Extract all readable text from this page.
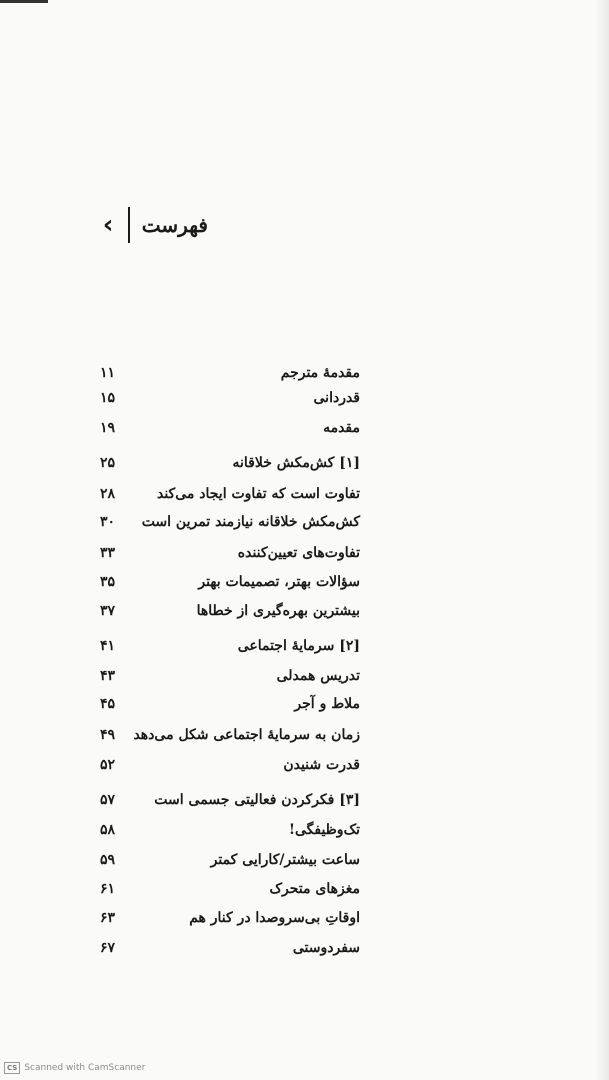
‹ فهرست
۱۱	مقدمهٔ مترجم
۱۵	قدردانی
۱۹	مقدمه
۲۵	[۱] کش‌مکش خلاقانه
۲۸	تفاوت است که تفاوت ایجاد می‌کند
۳۰	کش‌مکش خلاقانه نیازمند تمرین است
۳۳	تفاوت‌های تعیین‌کننده
۳۵	سؤالات بهتر، تصمیمات بهتر
۳۷	بیشترین بهره‌گیری از خطاها
۴۱	[۲] سرمایهٔ اجتماعی
۴۳	تدریس همدلی
۴۵	ملاط و آجر
۴۹	زمان به سرمایهٔ اجتماعی شکل می‌دهد
۵۲	قدرت شنیدن
۵۷	[۳] فکرکردن فعالیتی جسمی است
۵۸	تک‌وظیفگی!
۵۹	ساعت بیشتر/کارایی کمتر
۶۱	مغزهای متحرک
۶۳	اوقاتِ بی‌سروصدا در کنار هم
۶۷	سفردوستی
CS Scanned with CamScanner
